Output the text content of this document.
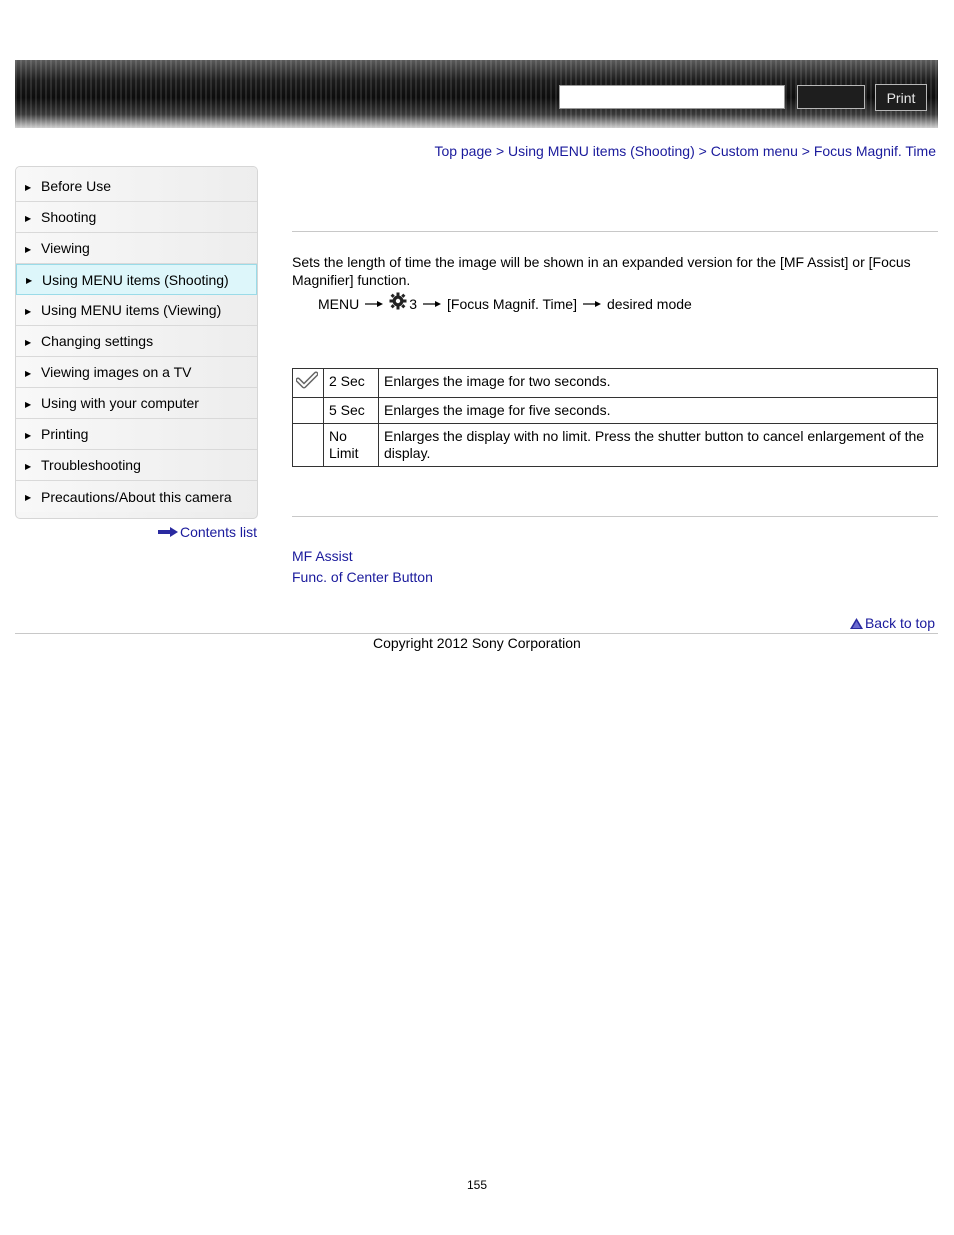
Print
Top page > Using MENU items (Shooting) > Custom menu > Focus Magnif. Time
▶ Before Use
▶ Shooting
▶ Viewing
▶ Using MENU items (Shooting)
▶ Using MENU items (Viewing)
▶ Changing settings
▶ Viewing images on a TV
▶ Using with your computer
▶ Printing
▶ Troubleshooting
▶ Precautions/About this camera
Contents list
Sets the length of time the image will be shown in an expanded version for the [MF Assist] or [Focus Magnifier] function.
MENU	3 [Focus Magnif. Time] desired mode
	2 Sec	Enlarges the image for two seconds.
	5 Sec	Enlarges the image for five seconds.
	No Limit	Enlarges the display with no limit. Press the shutter button to cancel enlargement of the display.
MF Assist
Func. of Center Button
Back to top
Copyright 2012 Sony Corporation
155
